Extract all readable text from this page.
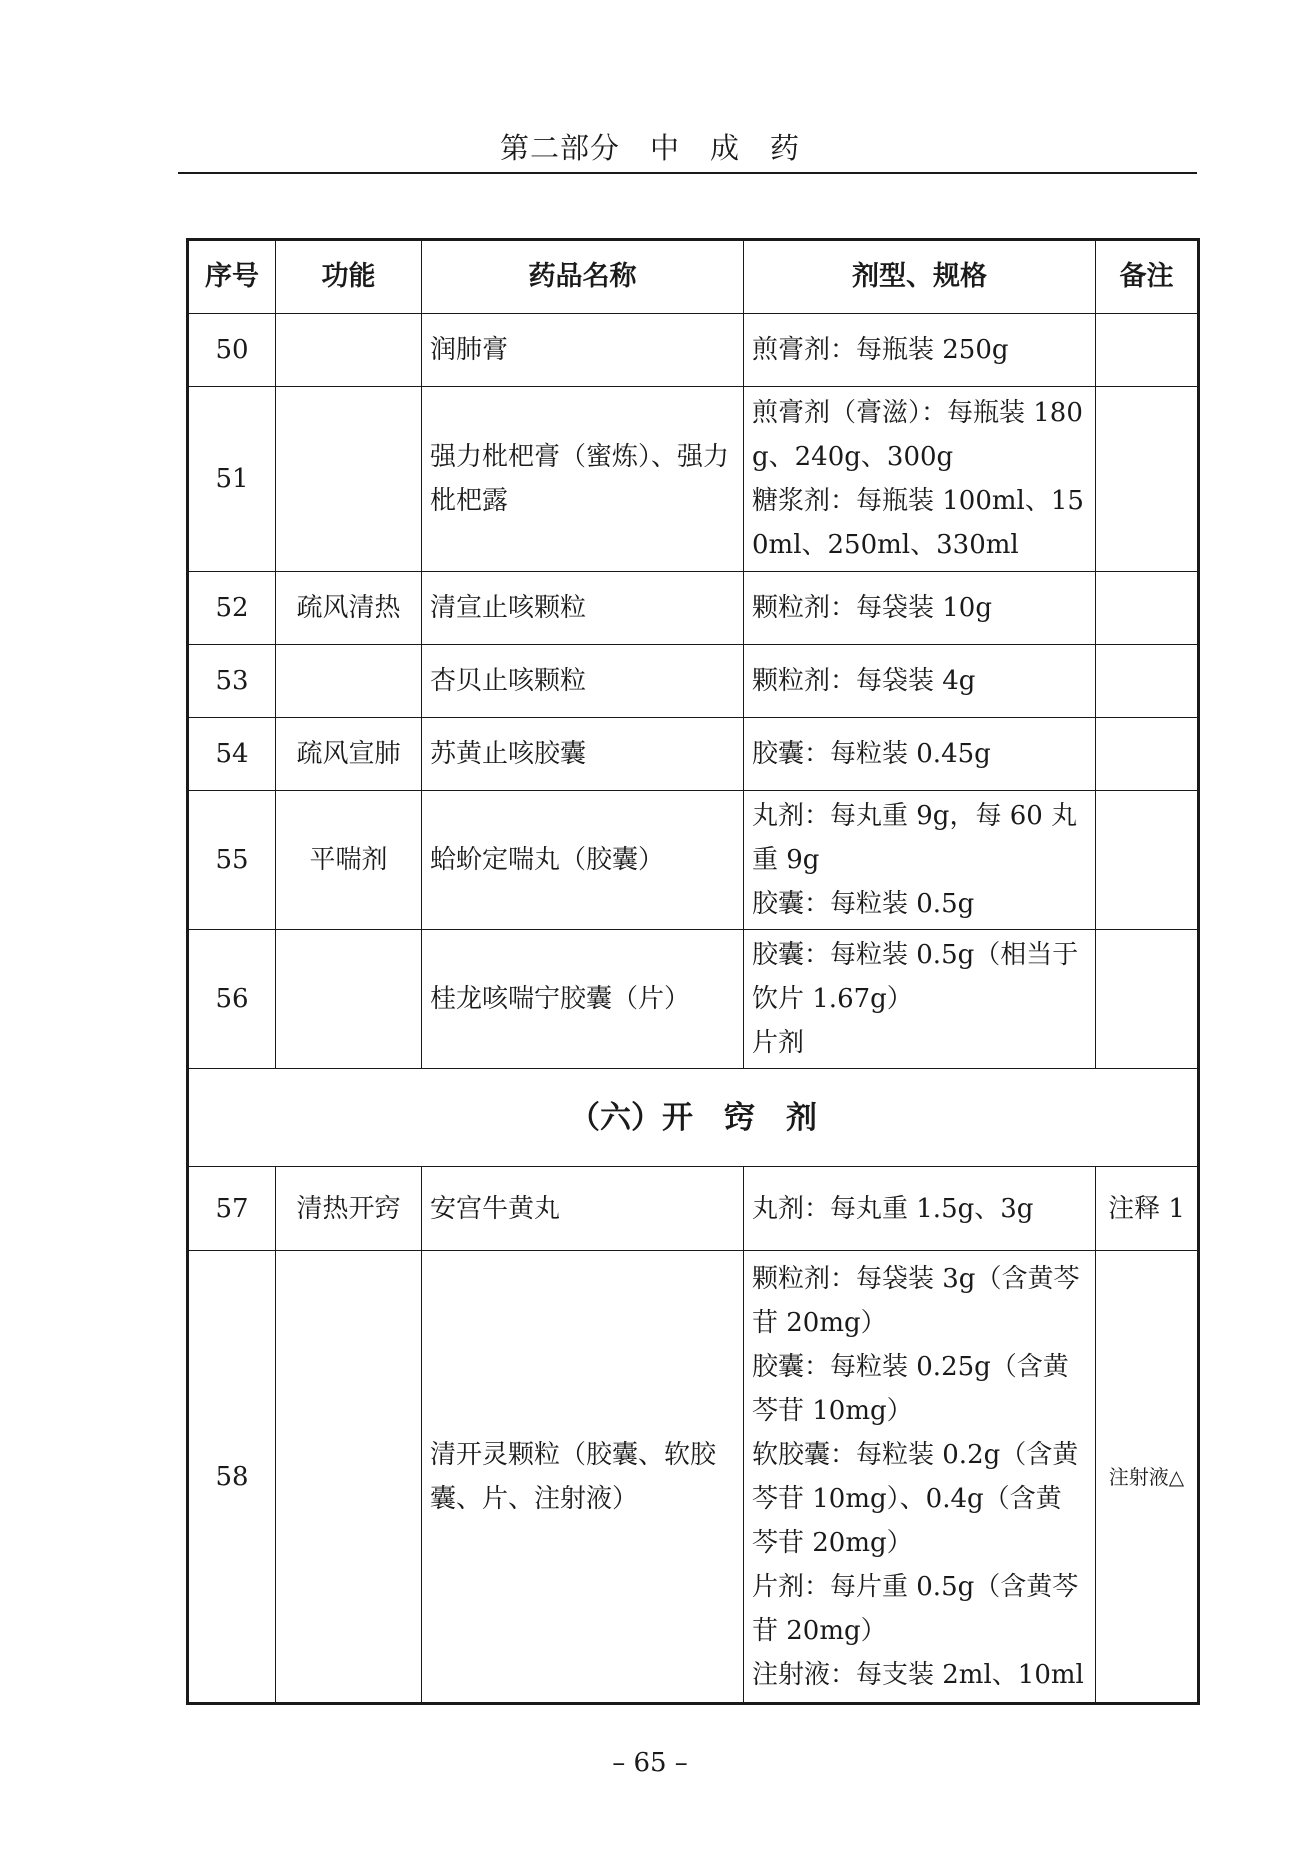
第二部分　中　成　药
序号	功能	药品名称	剂型、规格	备注
50		润肺膏	煎膏剂：每瓶装 250g	

51		强力枇杷膏（蜜炼）、强力枇杷露	煎膏剂（膏滋）：每瓶装 180g、240g、300g
糖浆剂：每瓶装 100ml、150ml、250ml、330ml	

52	疏风清热	清宣止咳颗粒	颗粒剂：每袋装 10g	

53		杏贝止咳颗粒	颗粒剂：每袋装 4g	

54	疏风宣肺	苏黄止咳胶囊	胶囊：每粒装 0.45g	

55	平喘剂	蛤蚧定喘丸（胶囊）	丸剂：每丸重 9g，每 60 丸重 9g
胶囊：每粒装 0.5g	

56		桂龙咳喘宁胶囊（片）	胶囊：每粒装 0.5g（相当于饮片 1.67g）
片剂	

（六）开　窍　剂				
57	清热开窍	安宫牛黄丸	丸剂：每丸重 1.5g、3g	注释 1
58		清开灵颗粒（胶囊、软胶囊、片、注射液）	颗粒剂：每袋装 3g（含黄芩苷 20mg）
胶囊：每粒装 0.25g（含黄芩苷 10mg）
软胶囊：每粒装 0.2g（含黄芩苷 10mg）、0.4g（含黄芩苷 20mg）
片剂：每片重 0.5g（含黄芩苷 20mg）
注射液：每支装 2ml、10ml	注射液△
– 65 –
